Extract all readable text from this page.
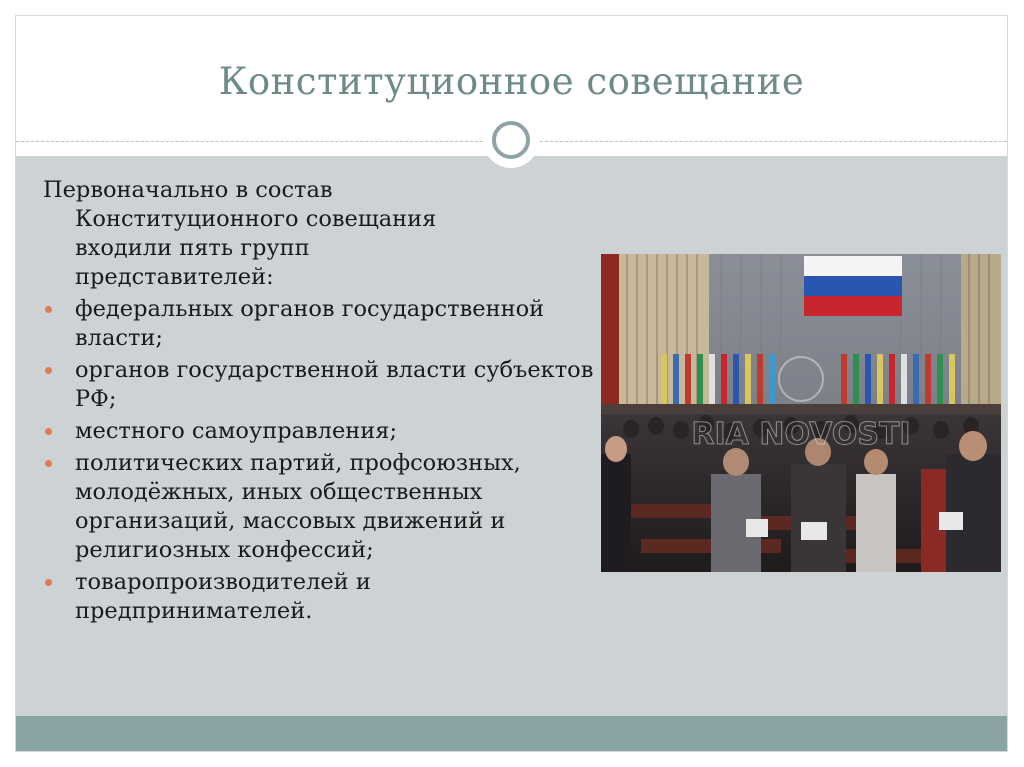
Конституционное совещание
Первоначально в состав
Конституционного совещания
входили пять групп
представителей:
федеральных органов государственной власти;
органов государственной власти субъектов РФ;
местного самоуправления;
политических партий, профсоюзных, молодёжных, иных общественных организаций, массовых движений и религиозных конфессий;
товаропроизводителей и предпринимателей.
RIA NOVOSTI
